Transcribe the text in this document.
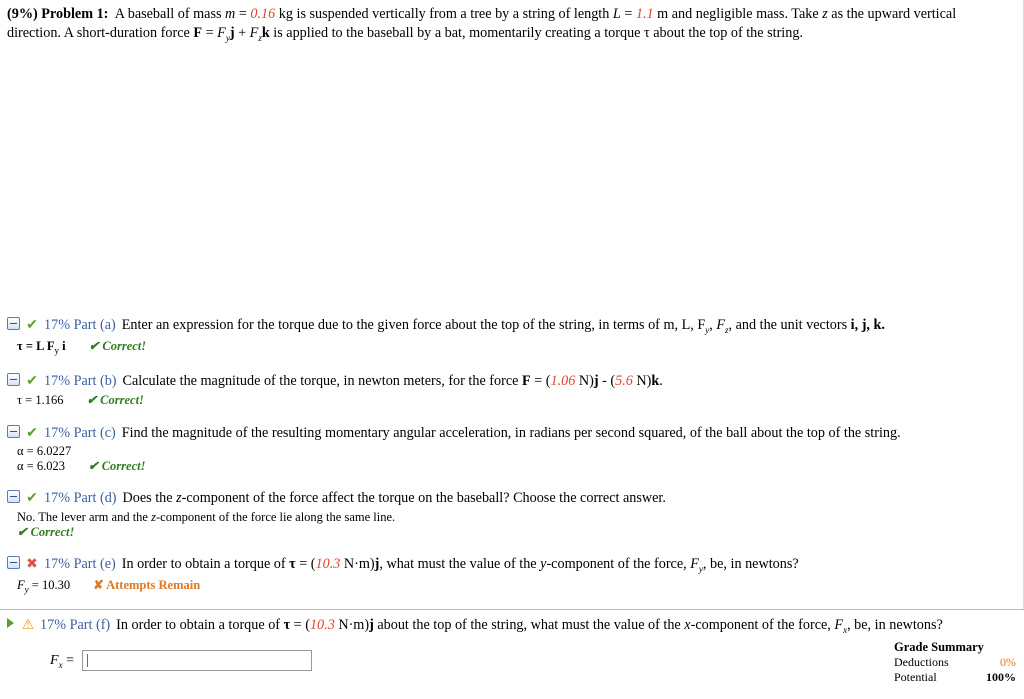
(9%) Problem 1: A baseball of mass m = 0.16 kg is suspended vertically from a tree by a string of length L = 1.1 m and negligible mass. Take z as the upward vertical direction. A short-duration force $F = F_yj + F_zk$ is applied to the baseball by a bat, momentarily creating a torque τ about the top of the string.
✔ 17% Part (a) Enter an expression for the torque due to the given force about the top of the string, in terms of m, L, $F_y$, $F_z$, and the unit vectors i, j, k.
τ = L $F_y$ i ✔ Correct!
✔ 17% Part (b) Calculate the magnitude of the torque, in newton meters, for the force F = (1.06 N)j - (5.6 N)k.
τ = 1.166 ✔ Correct!
✔ 17% Part (c) Find the magnitude of the resulting momentary angular acceleration, in radians per second squared, of the ball about the top of the string.
α = 6.0227
α = 6.023 ✔ Correct!
✔ 17% Part (d) Does the z-component of the force affect the torque on the baseball? Choose the correct answer.
No. The lever arm and the z-component of the force lie along the same line.
✔ Correct!
✖ 17% Part (e) In order to obtain a torque of τ = (10.3 N·m)j, what must the value of the y-component of the force, $F_y$, be, in newtons?
$F_y = 10.30$ ✘ Attempts Remain
⚠ 17% Part (f) In order to obtain a torque of τ = (10.3 N·m)j about the top of the string, what must the value of the x-component of the force, $F_x$, be, in newtons?
$F_x$ =
Grade Summary
Deductions	0%
Potential	100%
